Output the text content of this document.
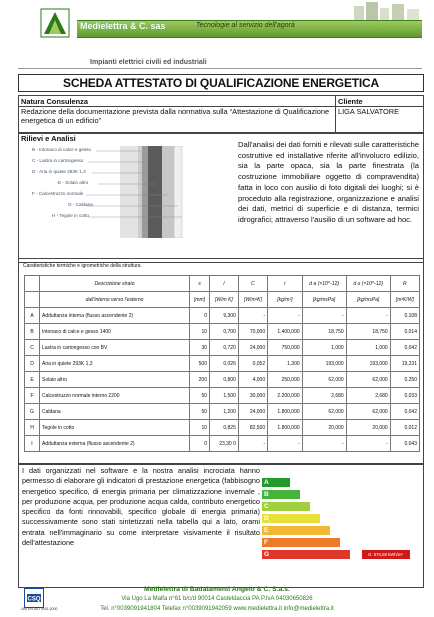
Medielettra & C. sas	Tecnologie al servizio dell'agorà
Impianti elettrici civili ed industriali
SCHEDA ATTESTATO DI QUALIFICAZIONE ENERGETICA
Natura Consulenza
Redazione della documentazione prevista dalla normativa sulla “Attestazione di Qualificazione energetica di un edificio”
Cliente
LIGA SALVATORE
Rilievi e Analisi
B - Intonaco di calce e gesso
C - Lastra in cartongesso
D - Aria in quiete 293K 1,3
E - Solaio altro
F - Calcestruzzo normale
G - Caldana
H - Tegole in cotto
Dall'analisi dei dati forniti e rilevati sulle caratteristiche costruttive ed installative riferite all'involucro edilizio, sia la parte opaca, sia la parte finestrata (la costruzione immobiliare oggetto di compravendita) fatta in loco con ausilio di foto digitali dei luoghi; si è proceduto alla registrazione, organizzazione e analisi dei dati, metrici di superficie e di distanza, termici idrografici; attraverso l'ausilio di un software ad hoc.
Caratteristiche termiche e igrometriche della struttura
	Descrizione strato	s	l	C	r	d a (×10^-12)	d u (×10^-12)	R
	dall'interno verso l'esterno	[mm]	[W/m K]	[W/m²K]	[kg/m³]	[kg/msPa]	[kg/msPa]	[m²K/W]
A	Adduttanza interna (flusso ascendente 2)	0	9,300	-	-	-	-	0,108
B	Intonaco di calce e gesso 1400	10	0,700	70,000	1.400,000	18,750	18,750	0,014
C	Lastra in cartongesso con BV	30	0,720	24,000	750,000	1,000	1,000	0,042
D	Aria in quiete 293K 1,3	500	0,026	0,052	1,300	193,000	193,000	19,231
E	Solaio altro	200	0,800	4,000	250,000	62,000	62,000	0,250
F	Calcestruzzo normale interno 2200	50	1,500	30,000	2.200,000	2,680	2,680	0,033
G	Caldana	50	1,200	24,000	1.800,000	62,000	62,000	0,042
H	Tegole in cotto	10	0,825	82,500	1.800,000	20,000	20,000	0,012
I	Adduttanza esterna (flusso ascendente 2)	0	23,30 0	-	-	-	-	0,043
I dati organizzati nel software e la nostra analisi incrociata hanno permesso di elaborare gli indicatori di prestazione energetica (fabbisogno energetico specifico, di energia primaria per climatizzazione invernale , per produzione acqua, per produzione acqua calda, contributo energetico specifico da fonti rinnovabili, specifico globale di energia primaria) successivamente sono stati sintetizzati nella tabella qui a lato, orami entrata nell'immaginario su come interpretare visivamente il risultato dell'attestazione
A
B
C
D
E
F
G	G: 670,88 kWh/m²
CSQ
UNI EN ISO 9001:2000
Medielettra di Badalamenti Angelo & C. S.a.s.
Via Ugo La Malfa n°61 b/c/d 90014 Casteldaccia PA P.IvA 04030650826
Tel. n°0039091941804 Telefax n°0039091942059 www.medielettra.it info@medielettra.it
